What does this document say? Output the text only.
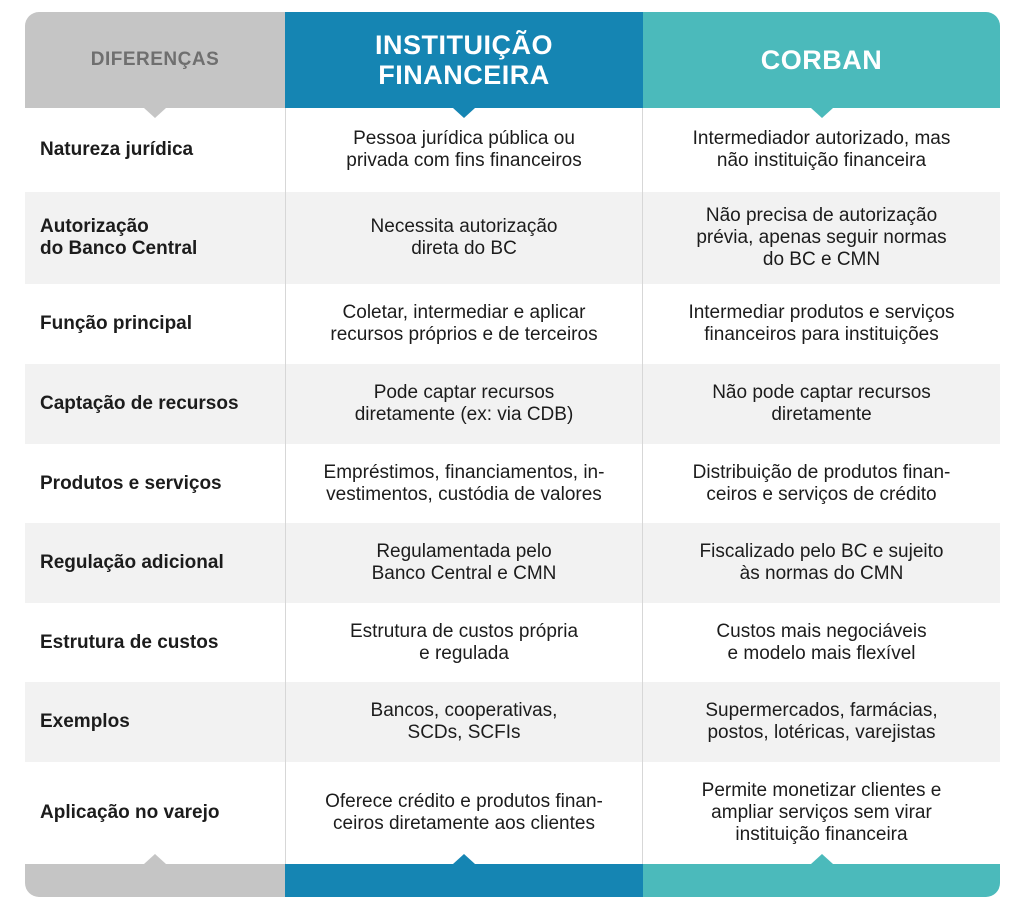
DIFERENÇAS	INSTITUIÇÃO
FINANCEIRA
CORBAN
Natureza jurídica
Pessoa jurídica pública ou
privada com fins financeiros
Intermediador autorizado, mas
não instituição financeira
Autorização
do Banco Central
Necessita autorização
direta do BC
Não precisa de autorização
prévia, apenas seguir normas
do BC e CMN
Função principal
Coletar, intermediar e aplicar
recursos próprios e de terceiros
Intermediar produtos e serviços
financeiros para instituições
Captação de recursos
Pode captar recursos
diretamente (ex: via CDB)
Não pode captar recursos
diretamente
Produtos e serviços
Empréstimos, financiamentos, in-
vestimentos, custódia de valores
Distribuição de produtos finan-
ceiros e serviços de crédito
Regulação adicional
Regulamentada pelo
Banco Central e CMN
Fiscalizado pelo BC e sujeito
às normas do CMN
Estrutura de custos
Estrutura de custos própria
e regulada
Custos mais negociáveis
e modelo mais flexível
Exemplos
Bancos, cooperativas,
SCDs, SCFIs
Supermercados, farmácias,
postos, lotéricas, varejistas
Aplicação no varejo
Oferece crédito e produtos finan-
ceiros diretamente aos clientes
Permite monetizar clientes e
ampliar serviços sem virar
instituição financeira
